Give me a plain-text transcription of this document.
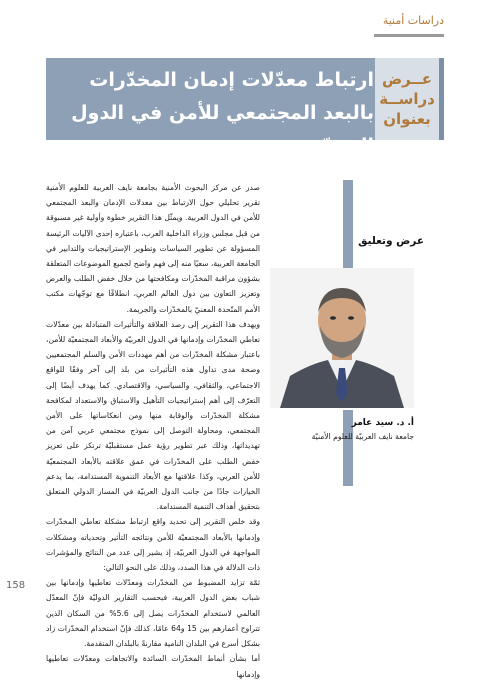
دراسات أمنية
عــرض
دراســة
بعنوان
ارتباط معدّلات إدمان المخدّرات بالبعد المجتمعي للأمن في الدول العربيّة

صدر عن مركز البحوث الأمنية بجامعة نايف العربية للعلوم الأمنية تقرير تحليلي حول الارتباط بين معدلات الإدمان والبعد المجتمعي للأمن في الدول العربية. ويمثّل هذا التقرير خطوة وأولية غير مسبوقة من قبل مجلس وزراء الداخلية العرب، باعتباره إحدى الآليات الرئيسة المسؤولة عن تطوير السياسات وتطوير الإستراتيجيات والتدابير في الجامعة العربية، سعيًا منه إلى فهم واضح لجميع الموضوعات المتعلقة بشؤون مراقبة المخدّرات ومكافحتها من خلال خفض الطلب والعرض وتعزيز التعاون بين دول العالم العربي، انطلاقًا مع توجّهات مكتب الأمم المتّحدة المعنيّ بالمخدّرات والجريمة.

ويهدف هذا التقرير إلى رصد العلاقة والتأثيرات المتبادلة بين معدّلات تعاطي المخدّرات وإدمانها في الدول العربيّة والأبعاد المجتمعيّة للأمن، باعتبار مشكلة المخدّرات من أهم مهددات الأمن والسلم المجتمعيين وصحة مدى تداول هذه التأثيرات من بلد إلى آخر وفقًا للواقع الاجتماعي، والثقافي، والسياسي، والاقتصادي. كما يهدف أيضًا إلى التعرّف إلى أهم إستراتيجيات التأهيل والاستباق والاستعداد لمكافحة مشكلة المخدّرات والوقاية منها ومن انعكاساتها على الأمن المجتمعي، ومحاولة التوصل إلى نموذج مجتمعي عربي آمن من تهديداتها، وذلك عبر تطوير رؤية عمل مستقبليّة ترتكز على تعزيز خفض الطلب على المخدّرات في عمق علاقته بالأبعاد المجتمعيّة للأمن العربي، وكذا علاقتها مع الأبعاد التنموية المستدامة، بما يدعم الخيارات جادًا من جانب الدول العربيّة في المسار الدولي المتعلق بتحقيق أهداف التنمية المستدامة.

وقد خلص التقرير إلى تحديد واقع ارتباط مشكلة تعاطي المخدّرات وإدمانها بالأبعاد المجتمعيّة للأمن ونتائجه التأثير وتحدياته ومشكلات المواجهة في الدول العربيّة، إذ يشير إلى عدد من النتائج والمؤشرات ذات الدلالة في هذا الصدد، وذلك على النحو التالي:

ثمّة تزايد المضبوط من المخدّرات ومعدّلات تعاطيها وإدمانها بين شباب بعض الدول العربية، فبحسب التقارير الدوليّة فإنّ المعدّل العالمي لاستخدام المخدّرات يصل إلى 5.6% من السكان الذين تتراوح أعمارهم بين 15 و64 عامًا، كذلك فإنّ استخدام المخدّرات زاد بشكل أسرع في البلدان النامية مقارنةً بالبلدان المتقدمة.

أما بشأن أنماط المخدّرات السائدة والاتجاهات ومعدّلات تعاطيها وإدمانها

عرض وتعليق
أ. د. سيد عامر
جامعة نايف العربيّة للعلوم الأمنيّة
158
